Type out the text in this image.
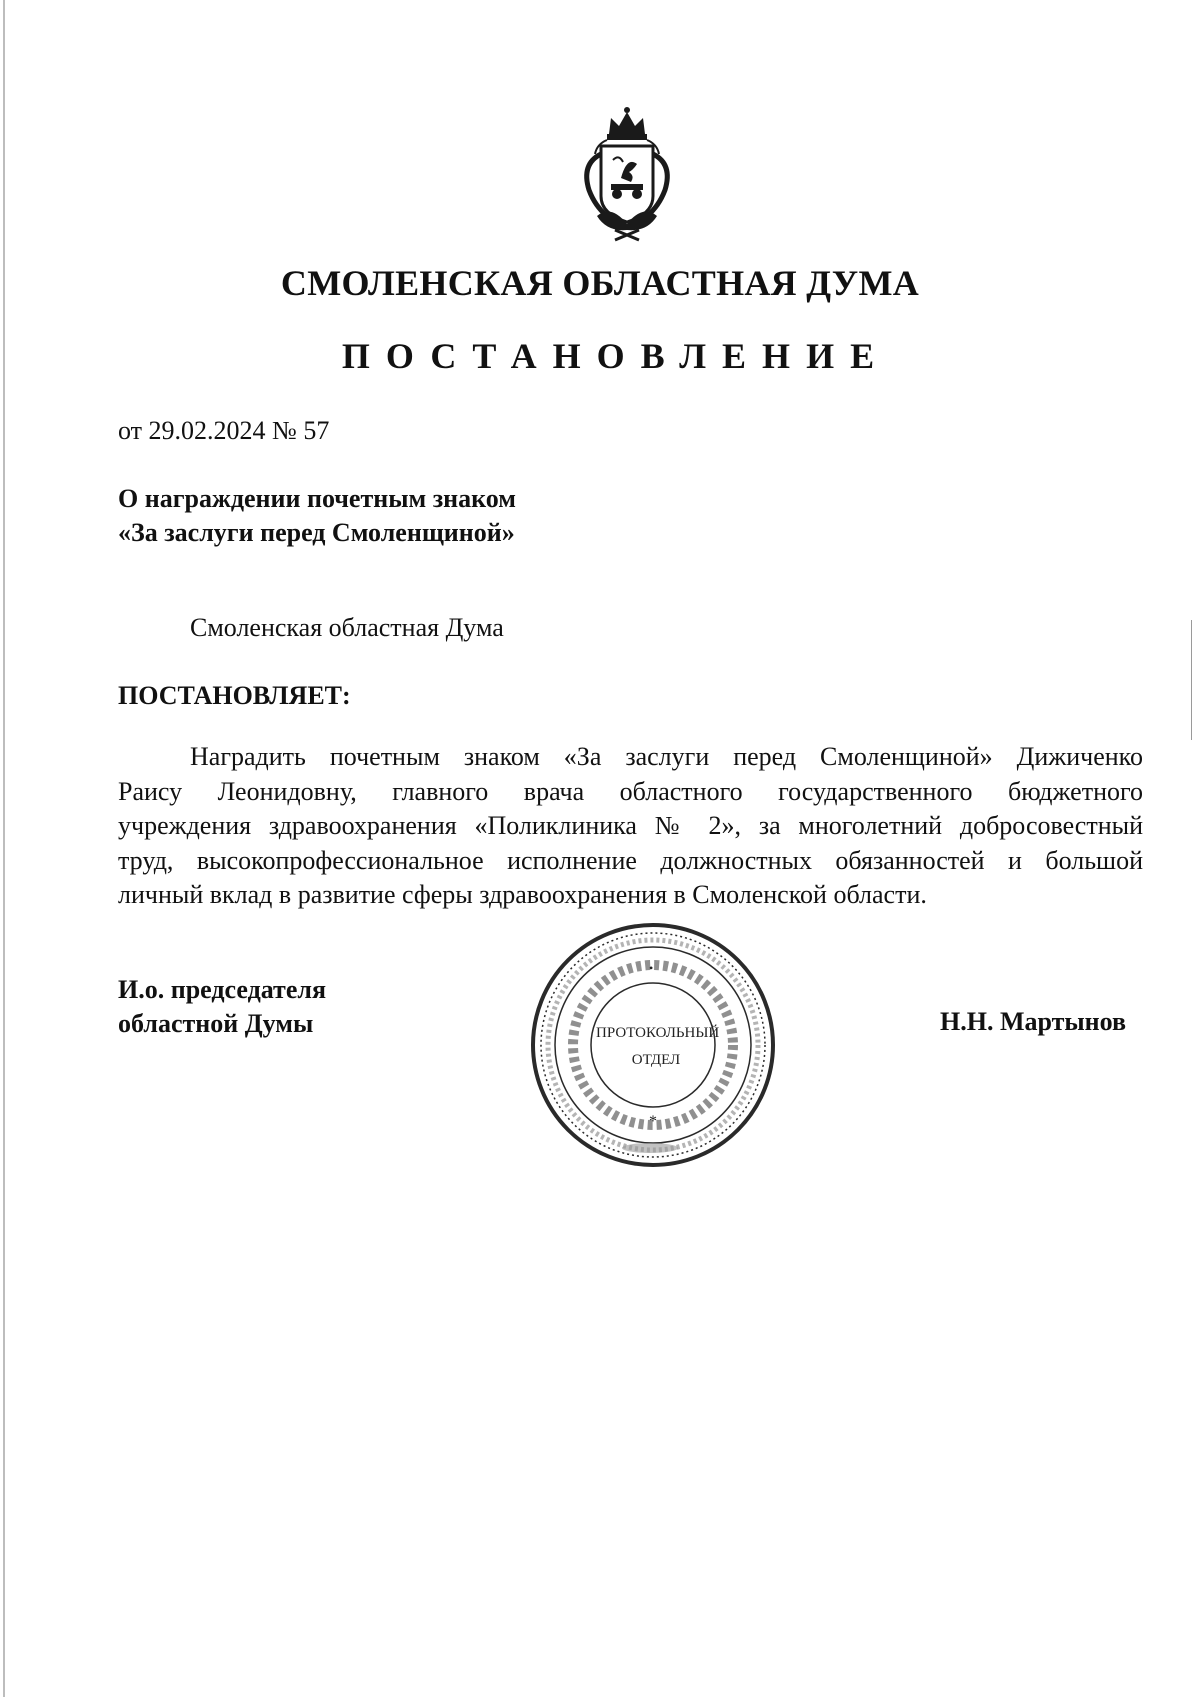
СМОЛЕНСКАЯ ОБЛАСТНАЯ ДУМА
ПОСТАНОВЛЕНИЕ
от 29.02.2024 № 57
О награждении почетным знаком
«За заслуги перед Смоленщиной»
Смоленская областная Дума
ПОСТАНОВЛЯЕТ:
Наградить почетным знаком «За заслуги перед Смоленщиной» Дижиченко
Раису Леонидовну, главного врача областного государственного бюджетного
учреждения здравоохранения «Поликлиника № 2», за многолетний добросовестный
труд, высокопрофессиональное исполнение должностных обязанностей и большой
личный вклад в развитие сферы здравоохранения в Смоленской области.
И.о. председателя
областной Думы	Н.Н. Мартынов
*
•
ПРОТОКОЛЬНЫЙ
ОТДЕЛ
